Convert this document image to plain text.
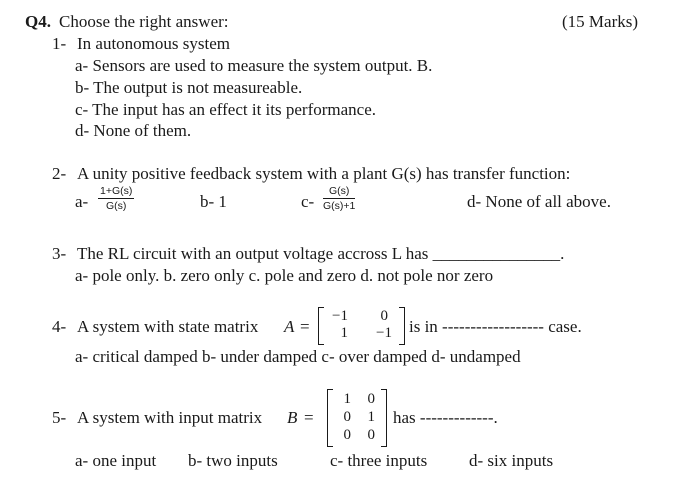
Q4. Choose the right answer:	(15 Marks)
1- In autonomous system
a- Sensors are used to measure the system output. B.
b- The output is not measureable.
c- The input has an effect it its performance.
d- None of them.
2- A unity positive feedback system with a plant G(s) has transfer function:
$a- \frac{1+G(s)}{G(s)}$	b- 1	$c- \frac{G(s)}{G(s)+1}$	d- None of all above.
3- The RL circuit with an output voltage accross L has _______________.
a- pole only. b. zero only c. pole and zero d. not pole nor zero
4- A system with state matrix A =
−1	0
1 −1 is in ------------------ case.
a- critical damped b- under damped c- over damped d- undamped
5- A system with input matrix B =
1	0
0	1
0	0
has -------------.
a- one input b- two inputs	c- three inputs d- six inputs
